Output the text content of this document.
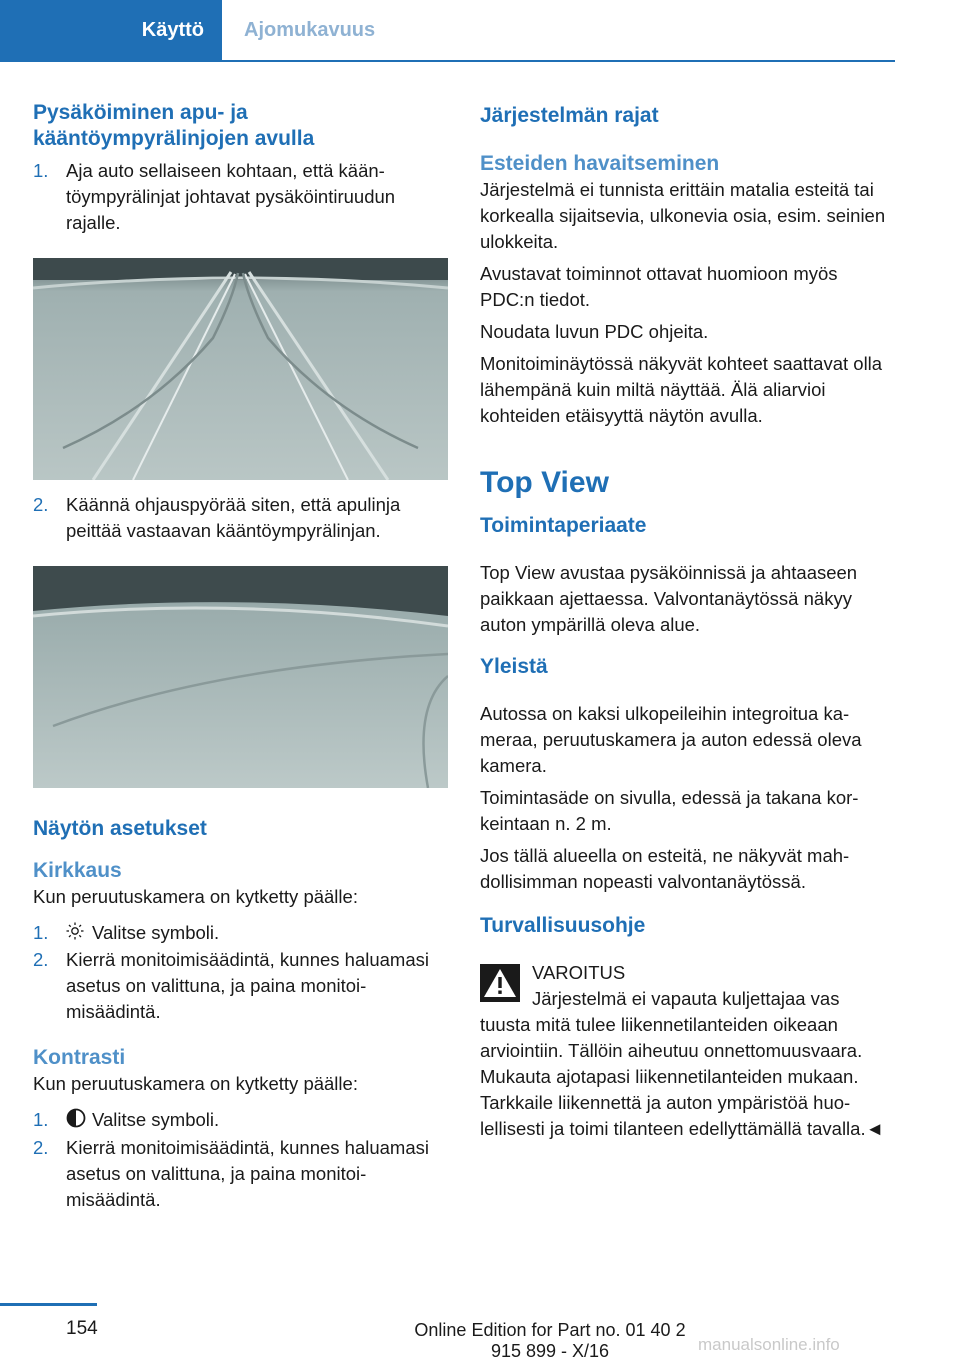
Käyttö	Ajomukavuus
Pysäköiminen apu- ja kääntöympyrälinjojen avulla
1. Aja auto sellaiseen kohtaan, että kääntöympyrälinjat johtavat pysäköintiruudun rajalle.
2. Käännä ohjauspyörää siten, että apulinja peittää vastaavan kääntöympyrälinjan.
Näytön asetukset
Kirkkaus

Kun peruutuskamera on kytketty päälle:

1. Valitse symboli.
2. Kierrä monitoimisäädintä, kunnes haluamasi asetus on valittuna, ja paina monitoimisäädintä.
Kontrasti

Kun peruutuskamera on kytketty päälle:

1. Valitse symboli.
2. Kierrä monitoimisäädintä, kunnes haluamasi asetus on valittuna, ja paina monitoimisäädintä.
Järjestelmän rajat
Esteiden havaitseminen

Järjestelmä ei tunnista erittäin matalia esteitä tai korkealla sijaitsevia, ulkonevia osia, esim. seinien ulokkeita.

Avustavat toiminnot ottavat huomioon myös PDC:n tiedot.

Noudata luvun PDC ohjeita.

Monitoiminäytössä näkyvät kohteet saattavat olla lähempänä kuin miltä näyttää. Älä aliarvioi kohteiden etäisyyttä näytön avulla.

Top View
Toimintaperiaate

Top View avustaa pysäköinnissä ja ahtaaseen paikkaan ajettaessa. Valvontanäytössä näkyy auton ympärillä oleva alue.

Yleistä

Autossa on kaksi ulkopeileihin integroitua kameraa, peruutuskamera ja auton edessä oleva kamera.

Toimintasäde on sivulla, edessä ja takana korkeintaan n. 2 m.

Jos tällä alueella on esteitä, ne näkyvät mahdollisimman nopeasti valvontanäytössä.

Turvallisuusohje

VAROITUS

Järjestelmä ei vapauta kuljettajaa vas

tuusta mitä tulee liikennetilanteiden oikeaan arviointiin. Tällöin aiheutuu onnettomuusvaara. Mukauta ajotapasi liikennetilanteiden mukaan. Tarkkaile liikennettä ja auton ympäristöä huolellisesti ja toimi tilanteen edellyttämällä tavalla.◄

154	Online Edition for Part no. 01 40 2 915 899 - X/16	manualsonline.info
